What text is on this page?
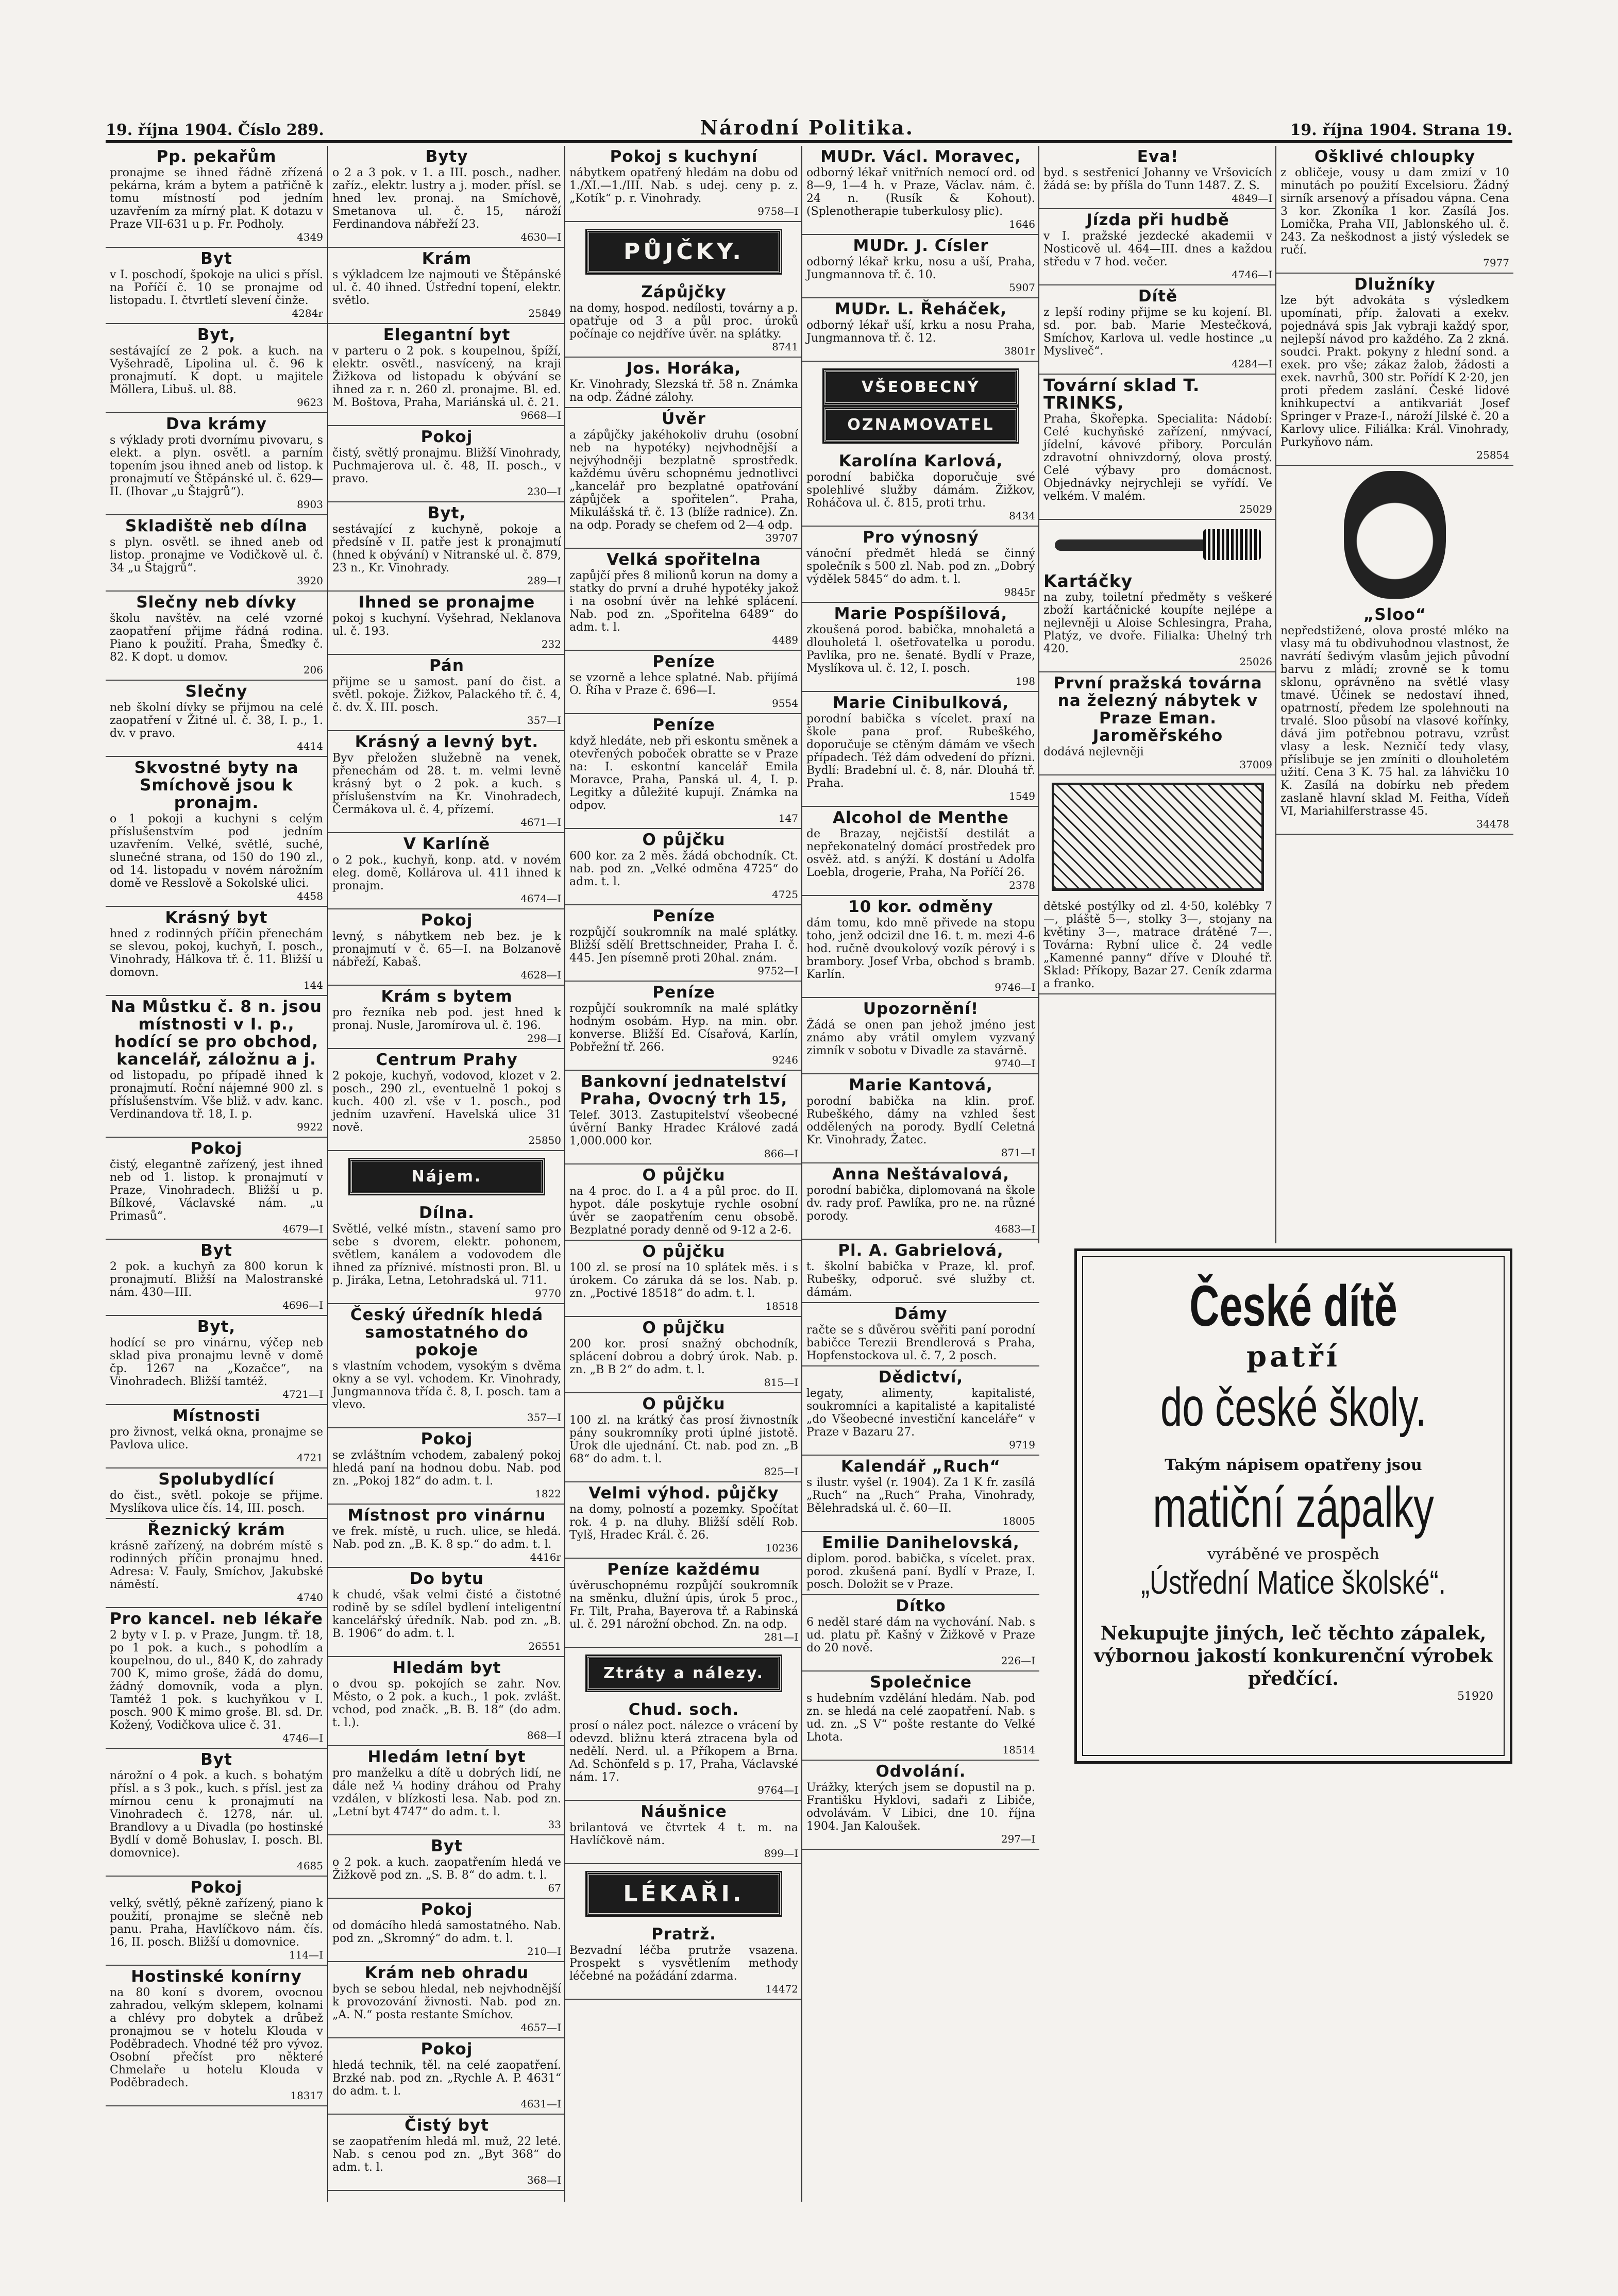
19. října 1904. Číslo 289.	Národní Politika.	19. října 1904. Strana 19.
Pp. pekařům

pronajme se ihned řádně zřízená pekárna, krám a bytem a patřičně k tomu místností pod jedním uzavřením za mírný plat. K dotazu v Praze VII-631 u p. Fr. Podholy.

4349
Byt

v I. poschodí, špokoje na ulici s přísl. na Poříčí č. 10 se pronajme od listopadu. I. čtvrtletí slevení činže.

4284r
Byt,

sestávající ze 2 pok. a kuch. na Vyšehradě, Lipolina ul. č. 96 k pronajmutí. K dopt. u majitele Möllera, Libuš. ul. 88.

9623
Dva krámy

s výklady proti dvornímu pivovaru, s elekt. a plyn. osvětl. a parním topením jsou ihned aneb od listop. k pronajmutí ve Štěpánské ul. č. 629—II. (Ihovar „u Štajgrů“).

8903
Skladiště neb dílna

s plyn. osvětl. se ihned aneb od listop. pronajme ve Vodičkově ul. č. 34 „u Štajgrů“.

3920
Slečny neb dívky

školu navštěv. na celé vzorné zaopatření přijme řádná rodina. Piano k použití. Praha, Šmeďky č. 82. K dopt. u domov.

206
Slečny

neb školní dívky se přijmou na celé zaopatření v Žitné ul. č. 38, I. p., 1. dv. v pravo.

4414
Skvostné byty na Smíchově jsou k pronajm.

o 1 pokoji a kuchyni s celým příslušenstvím pod jedním uzavřením. Velké, světlé, suché, slunečné strana, od 150 do 190 zl., od 14. listopadu v novém nárožním domě ve Resslově a Sokolské ulici.

4458
Krásný byt

hned z rodinných příčin přenechám se slevou, pokoj, kuchyň, I. posch., Vinohrady, Hálkova tř. č. 11. Bližší u domovn.

144
Na Můstku č. 8 n. jsou místnosti v I. p., hodící se pro obchod, kancelář, záložnu a j.

od listopadu, po případě ihned k pronajmutí. Roční nájemné 900 zl. s příslušenstvím. Vše bliž. v adv. kanc. Verdinandova tř. 18, I. p.

9922
Pokoj

čistý, elegantně zařízený, jest ihned neb od 1. listop. k pronajmutí v Praze, Vinohradech. Bližší u p. Bílkové, Václavské nám. „u Primasů“.

4679—I
Byt

2 pok. a kuchyň za 800 korun k pronajmutí. Bližší na Malostranské nám. 430—III.

4696—I
Byt,

hodící se pro vinárnu, výčep neb sklad piva pronajmu levně v domě čp. 1267 na „Kozačce“, na Vinohradech. Bližší tamtéž.

4721—I
Místnosti

pro živnost, velká okna, pronajme se Pavlova ulice.

4721
Spolubydlící

do čist., světl. pokoje se přijme. Myslíkova ulice čís. 14, III. posch.

Řeznický krám

krásně zařízený, na dobrém místě s rodinných příčin pronajmu hned. Adresa: V. Fauly, Smíchov, Jakubské náměstí.

4740
Pro kancel. neb lékaře

2 byty v I. p. v Praze, Jungm. tř. 18, po 1 pok. a kuch., s pohodlím a koupelnou, do ul., 840 K, do zahrady 700 K, mimo groše, žádá do domu, žádný domovník, voda a plyn. Tamtéž 1 pok. s kuchyňkou v I. posch. 900 K mimo groše. Bl. sd. Dr. Kožený, Vodičkova ulice č. 31.

4746—I
Byt

nárožní o 4 pok. a kuch. s bohatým přísl. a s 3 pok., kuch. s přísl. jest za mírnou cenu k pronajmutí na Vinohradech č. 1278, nár. ul. Brandlovy a u Divadla (po hostinské Bydlí v domě Bohuslav, I. posch. Bl. domovnice).

4685
Pokoj

velký, světlý, pěkně zařízený, piano k použití, pronajme se slečně neb panu. Praha, Havlíčkovo nám. čís. 16, II. posch. Bližší u domovnice.

114—I
Hostinské konírny

na 80 koní s dvorem, ovocnou zahradou, velkým sklepem, kolnami a chlévy pro dobytek a drůbež pronajmou se v hotelu Klouda v Poděbradech. Vhodné též pro vývoz. Osobní přečíst pro některé Chmelaře u hotelu Klouda v Poděbradech.

18317
Byty

o 2 a 3 pok. v 1. a III. posch., nadher. zaříz., elektr. lustry a j. moder. přísl. se hned lev. pronaj. na Smíchově, Smetanova ul. č. 15, nároží Ferdinandova nábřeží 23.

4630—I
Krám

s výkladcem lze najmouti ve Štěpánské ul. č. 40 ihned. Ústřední topení, elektr. světlo.

25849
Elegantní byt

v parteru o 2 pok. s koupelnou, špíží, elektr. osvětl., nasvícený, na kraji Žižkova od listopadu k obývání se ihned za r. n. 260 zl. pronajme. Bl. ed. M. Boštova, Praha, Mariánská ul. č. 21.

9668—I
Pokoj

čistý, světlý pronajmu. Bližší Vinohrady, Puchmajerova ul. č. 48, II. posch., v pravo.

230—I
Byt,

sestávající z kuchyně, pokoje a předsíně v II. patře jest k pronajmutí (hned k obývání) v Nitranské ul. č. 879, 23 n., Kr. Vinohrady.

289—I
Ihned se pronajme

pokoj s kuchyní. Vyšehrad, Neklanova ul. č. 193.

232
Pán

přijme se u samost. paní do čist. a světl. pokoje. Žižkov, Palackého tř. č. 4, č. dv. X. III. posch.

357—I
Krásný a levný byt.

Byv přeložen služebně na venek, přenechám od 28. t. m. velmi levně krásný byt o 2 pok. a kuch. s příslušenstvím na Kr. Vinohradech, Čermákova ul. č. 4, přízemí.

4671—I
V Karlíně

o 2 pok., kuchyň, konp. atd. v novém eleg. domě, Kollárova ul. 411 ihned k pronajm.

4674—I
Pokoj

levný, s nábytkem neb bez. je k pronajmutí v č. 65—I. na Bolzanově nábřeží, Kabaš.

4628—I
Krám s bytem

pro řezníka neb pod. jest hned k pronaj. Nusle, Jaromírova ul. č. 196.

298—I
Centrum Prahy

2 pokoje, kuchyň, vodovod, klozet v 2. posch., 290 zl., eventuelně 1 pokoj s kuch. 400 zl. vše v 1. posch., pod jedním uzavření. Havelská ulice 31 nově.

25850
Nájem.
Dílna.

Světlé, velké místn., stavení samo pro sebe s dvorem, elektr. pohonem, světlem, kanálem a vodovodem dle ihned za příznivé. místnosti pron. Bl. u p. Jiráka, Letna, Letohradská ul. 711.

9770
Český úředník hledá samostatného do pokoje

s vlastním vchodem, vysokým s dvěma okny a se vyl. vchodem. Kr. Vinohrady, Jungmannova třída č. 8, I. posch. tam a vlevo.

357—I
Pokoj

se zvláštním vchodem, zabalený pokoj hledá paní na hodnou dobu. Nab. pod zn. „Pokoj 182“ do adm. t. l.

1822
Místnost pro vinárnu

ve frek. místě, u ruch. ulice, se hledá. Nab. pod zn. „B. K. 8 sp.“ do adm. t. l.

4416r
Do bytu

k chudé, však velmi čisté a čistotné rodině by se sdílel bydlení inteligentní kancelářský úředník. Nab. pod zn. „B. B. 1906“ do adm. t. l.

26551
Hledám byt

o dvou sp. pokojích se zahr. Nov. Město, o 2 pok. a kuch., 1 pok. zvlášt. vchod, pod značk. „B. B. 18“ (do adm. t. l.).

868—I
Hledám letní byt

pro manželku a dítě u dobrých lidí, ne dále než ¼ hodiny dráhou od Prahy vzdálen, v blízkosti lesa. Nab. pod zn. „Letní byt 4747“ do adm. t. l.

33
Byt

o 2 pok. a kuch. zaopatřením hledá ve Žižkově pod zn. „S. B. 8“ do adm. t. l.

67
Pokoj

od domácího hledá samostatného. Nab. pod zn. „Skromný“ do adm. t. l.

210—I
Krám neb ohradu

bych se sebou hledal, neb nejvhodnější k provozování živnosti. Nab. pod zn. „A. N.“ posta restante Smíchov.

4657—I
Pokoj

hledá technik, těl. na celé zaopatření. Brzké nab. pod zn. „Rychle A. P. 4631“ do adm. t. l.

4631—I
Čistý byt

se zaopatřením hledá ml. muž, 22 leté. Nab. s cenou pod zn. „Byt 368“ do adm. t. l.

368—I
Pokoj s kuchyní

nábytkem opatřený hledám na dobu od 1./XI.—1./III. Nab. s udej. ceny p. z. „Kotík“ p. r. Vinohrady.

9758—I
PŮJČKY.
Zápůjčky

na domy, hospod. nedílosti, továrny a p. opatřuje od 3 a půl proc. úroků počínaje co nejdříve úvěr. na splátky.

8741
Jos. Horáka,

Kr. Vinohrady, Slezská tř. 58 n. Známka na odp. Žádné zálohy.

Úvěr

a zápůjčky jakéhokoliv druhu (osobní neb na hypotéky) nejvhodnější a nejvýhodněji bezplatně sprostředk. každému úvěru schopnému jednotlivci „kancelář pro bezplatné opatřování zápůjček a spořitelen“. Praha, Mikulášská tř. č. 13 (blíže radnice). Zn. na odp. Porady se chefem od 2—4 odp.

39707
Velká spořitelna

zapůjčí přes 8 milionů korun na domy a statky do první a druhé hypotéky jakož i na osobní úvěr na lehké splácení. Nab. pod zn. „Spořitelna 6489“ do adm. t. l.

4489
Peníze

se vzorně a lehce splatné. Nab. přijímá O. Říha v Praze č. 696—I.

9554
Peníze

když hledáte, neb při eskontu směnek a otevřených poboček obratte se v Praze na: I. eskontní kancelář Emila Moravce, Praha, Panská ul. 4, I. p. Legitky a důležité kupují. Známka na odpov.

147
O půjčku

600 kor. za 2 měs. žádá obchodník. Ct. nab. pod zn. „Velké odměna 4725“ do adm. t. l.

4725
Peníze

rozpůjčí soukromník na malé splátky. Bližší sdělí Brettschneider, Praha I. č. 445. Jen písemně proti 20hal. znám.

9752—I
Peníze

rozpůjčí soukromník na malé splátky hodným osobám. Hyp. na min. obr. konverse. Bližší Ed. Císařová, Karlín, Pobřežní tř. 266.

9246
Bankovní jednatelství Praha, Ovocný trh 15,

Telef. 3013. Zastupitelství všeobecné úvěrní Banky Hradec Králové zadá 1,000.000 kor.

866—I
O půjčku

na 4 proc. do I. a 4 a půl proc. do II. hypot. dále poskytuje rychle osobní úvěr se zaopatřením cenu obsobě. Bezplatné porady denně od 9-12 a 2-6.

O půjčku

100 zl. se prosí na 10 splátek měs. i s úrokem. Co záruka dá se los. Nab. p. zn. „Poctivé 18518“ do adm. t. l.

18518
O půjčku

200 kor. prosí snažný obchodník, splácení dobrou a dobrý úrok. Nab. p. zn. „B B 2“ do adm. t. l.

815—I
O půjčku

100 zl. na krátký čas prosí živnostník pány soukromníky proti úplné jistotě. Úrok dle ujednání. Ct. nab. pod zn. „B 68“ do adm. t. l.

825—I
Velmi výhod. půjčky

na domy, polností a pozemky. Spočítat rok. 4 p. na dluhy. Bližší sdělí Rob. Tylš, Hradec Král. č. 26.

10236
Peníze každému

úvěruschopnému rozpůjčí soukromník na směnku, dlužní úpis, úrok 5 proc., Fr. Tilt, Praha, Bayerova tř. a Rabinská ul. č. 291 nárožní obchod. Zn. na odp.

281—I
Ztráty a nálezy.
Chud. soch.

prosí o nález poct. nálezce o vrácení by odevzd. bližnu která ztracena byla od nedělí. Nerd. ul. a Příkopem a Brna. Ad. Schönfeld s p. 17, Praha, Václavské nám. 17.

9764—I
Náušnice

brilantová ve čtvrtek 4 t. m. na Havlíčkově nám.

899—I
LÉKAŘI.
Pratrž.

Bezvadní léčba prutrže vsazena. Prospekt s vysvětlením methody léčebné na požádání zdarma.

14472
MUDr. Václ. Moravec,

odborný lékař vnitřních nemocí ord. od 8—9, 1—4 h. v Praze, Václav. nám. č. 24 n. (Rusík & Kohout). (Splenotherapie tuberkulosy plic).

1646
MUDr. J. Císler

odborný lékař krku, nosu a uší, Praha, Jungmannova tř. č. 10.

5907
MUDr. L. Řeháček,

odborný lékař uší, krku a nosu Praha, Jungmannova tř. č. 12.

3801r
VŠEOBECNÝ
OZNAMOVATEL
Karolína Karlová,

porodní babička doporučuje své spolehlivé služby dámám. Žižkov, Roháčova ul. č. 815, proti trhu.

8434
Pro výnosný

vánoční předmět hledá se činný společník s 500 zl. Nab. pod zn. „Dobrý výdělek 5845“ do adm. t. l.

9845r
Marie Pospíšilová,

zkoušená porod. babička, mnohaletá a dlouholetá l. ošetřovatelka u porodu. Pavlíka, pro ne. šenaté. Bydlí v Praze, Myslíkova ul. č. 12, I. posch.

198
Marie Cinibulková,

porodní babička s vícelet. praxí na škole pana prof. Rubeškého, doporučuje se ctěným dámám ve všech případech. Též dám odvedení do přízni. Bydlí: Bradební ul. č. 8, nár. Dlouhá tř. Praha.

1549
Alcohol de Menthe

de Brazay, nejčistší destilát a nepřekonatelný domácí prostředek pro osvěž. atd. s anýží. K dostání u Adolfa Loebla, drogerie, Praha, Na Poříčí 26.

2378
10 kor. odměny

dám tomu, kdo mně přivede na stopu toho, jenž odcizil dne 16. t. m. mezi 4-6 hod. ručně dvoukolový vozík pérový i s brambory. Josef Vrba, obchod s bramb. Karlín.

9746—I
Upozornění!

Žádá se onen pan jehož jméno jest známo aby vrátil omylem vyzvaný zimník v sobotu v Divadle za stavárně.

9740—I
Marie Kantová,

porodní babička na klin. prof. Rubeškého, dámy na vzhled šest oddělených na porody. Bydlí Celetná Kr. Vinohrady, Žatec.

871—I
Anna Neštávalová,

porodní babička, diplomovaná na škole dv. rady prof. Pawlíka, pro ne. na různé porody.

4683—I
Pl. A. Gabrielová,

t. školní babička v Praze, kl. prof. Rubešky, odporuč. své služby ct. dámám.

Dámy

račte se s důvěrou svěřiti paní porodní babičce Terezii Brendlerová s Praha, Hopfenstockova ul. č. 7, 2 posch.

Dědictví,

legaty, alimenty, kapitalisté, soukromníci a kapitalisté a kapitalisté „do Všeobecné investiční kanceláře“ v Praze v Bazaru 27.

9719
Kalendář „Ruch“

s ilustr. vyšel (r. 1904). Za 1 K fr. zasílá „Ruch“ na „Ruch“ Praha, Vinohrady, Bělehradská ul. č. 60—II.

18005
Emilie Danihelovská,

diplom. porod. babička, s vícelet. prax. porod. zkušená paní. Bydlí v Praze, I. posch. Doložit se v Praze.

Dítko

6 neděl staré dám na vychování. Nab. s ud. platu př. Kašný v Žižkově v Praze do 20 nově.

226—I
Společnice

s hudebním vzdělání hledám. Nab. pod zn. se hledá na celé zaopatření. Nab. s ud. zn. „S V“ pošte restante do Velké Lhota.

18514
Odvolání.

Urážky, kterých jsem se dopustil na p. Františku Hyklovi, sadaři z Libiče, odvolávám. V Libici, dne 10. října 1904. Jan Kaloušek.

297—I
Eva!

byd. s sestřenicí Johanny ve Vršovicích žádá se: by příšla do Tunn 1487. Z. S.

4849—I
Jízda při hudbě

v I. pražské jezdecké akademii v Nosticově ul. 464—III. dnes a každou středu v 7 hod. večer.

4746—I
Dítě

z lepší rodiny přijme se ku kojení. Bl. sd. por. bab. Marie Mestečková, Smíchov, Karlova ul. vedle hostince „u Mysliveč“.

4284—I
Tovární sklad T. TRINKS,

Praha, Škořepka. Specialita: Nádobí: Celé kuchyňské zařízení, nmývací, jídelní, kávové přibory. Porculán zdravotní ohnivzdorný, olova prostý. Celé výbavy pro domácnost. Objednávky nejrychleji se vyřídí. Ve velkém. V malém.

25029
Kartáčky

na zuby, toiletní předměty s veškeré zboží kartáčnické koupíte nejlépe a nejlevněji u Aloise Schlesingra, Praha, Platýz, ve dvoře. Filialka: Uhelný trh 420.

25026
První pražská továrna na železný nábytek v Praze Eman. Jaroměřského

dodává nejlevněji

37009

dětské postýlky od zl. 4·50, kolébky 7—, pláště 5—, stolky 3—, stojany na květiny 3—, matrace drátěné 7—. Továrna: Rybní ulice č. 24 vedle „Kamenné panny“ dříve v Dlouhé tř. Sklad: Příkopy, Bazar 27. Ceník zdarma a franko.

Ošklivé chloupky

z obličeje, vousy u dam zmizí v 10 minutách po použití Excelsioru. Žádný sirník arsenový a přísadou vápna. Cena 3 kor. Zkoníka 1 kor. Zasílá Jos. Lomička, Praha VII, Jablonského ul. č. 243. Za neškodnost a jistý výsledek se ručí.

7977
Dlužníky

lze být advokáta s výsledkem upomínati, příp. žalovati a exekv. pojednává spis Jak vybraji každý spor, nejlepší návod pro každého. Za 2 zkná. soudci. Prakt. pokyny z hlední sond. a exek. pro vše; zákaz žalob, žádosti a exek. navrhů, 300 str. Pořídí K 2·20, jen proti předem zaslání. České lidové knihkupectví a antikvariát Josef Springer v Praze-I., nároží Jilské č. 20 a Karlovy ulice. Filiálka: Král. Vinohrady, Purkyňovo nám.

25854
„Sloo“

nepředstižené, olova prosté mléko na vlasy má tu obdivuhodnou vlastnost, že navrátí šedivým vlasům jejich původní barvu z mládí; zrovně se k tomu sklonu, oprávněno na světlé vlasy tmavé. Účinek se nedostaví ihned, opatrností, předem lze spolehnouti na trvalé. Sloo působí na vlasové kořínky, dává jim potřebnou potravu, vzrůst vlasy a lesk. Nezničí tedy vlasy, příslibuje se jen zmíniti o dlouholetém užití. Cena 3 K. 75 hal. za láhvičku 10 K. Zasílá na dobírku neb předem zaslaně hlavní sklad M. Feitha, Vídeň VI, Mariahilferstrasse 45.

34478
České dítě
patří
do české školy.
Takým nápisem opatřeny jsou
matiční zápalky
vyráběné ve prospěch
„Ústřední Matice školské“.
Nekupujte jiných, leč těchto zápalek, výbornou jakostí konkurenční výrobek předčící.
51920
